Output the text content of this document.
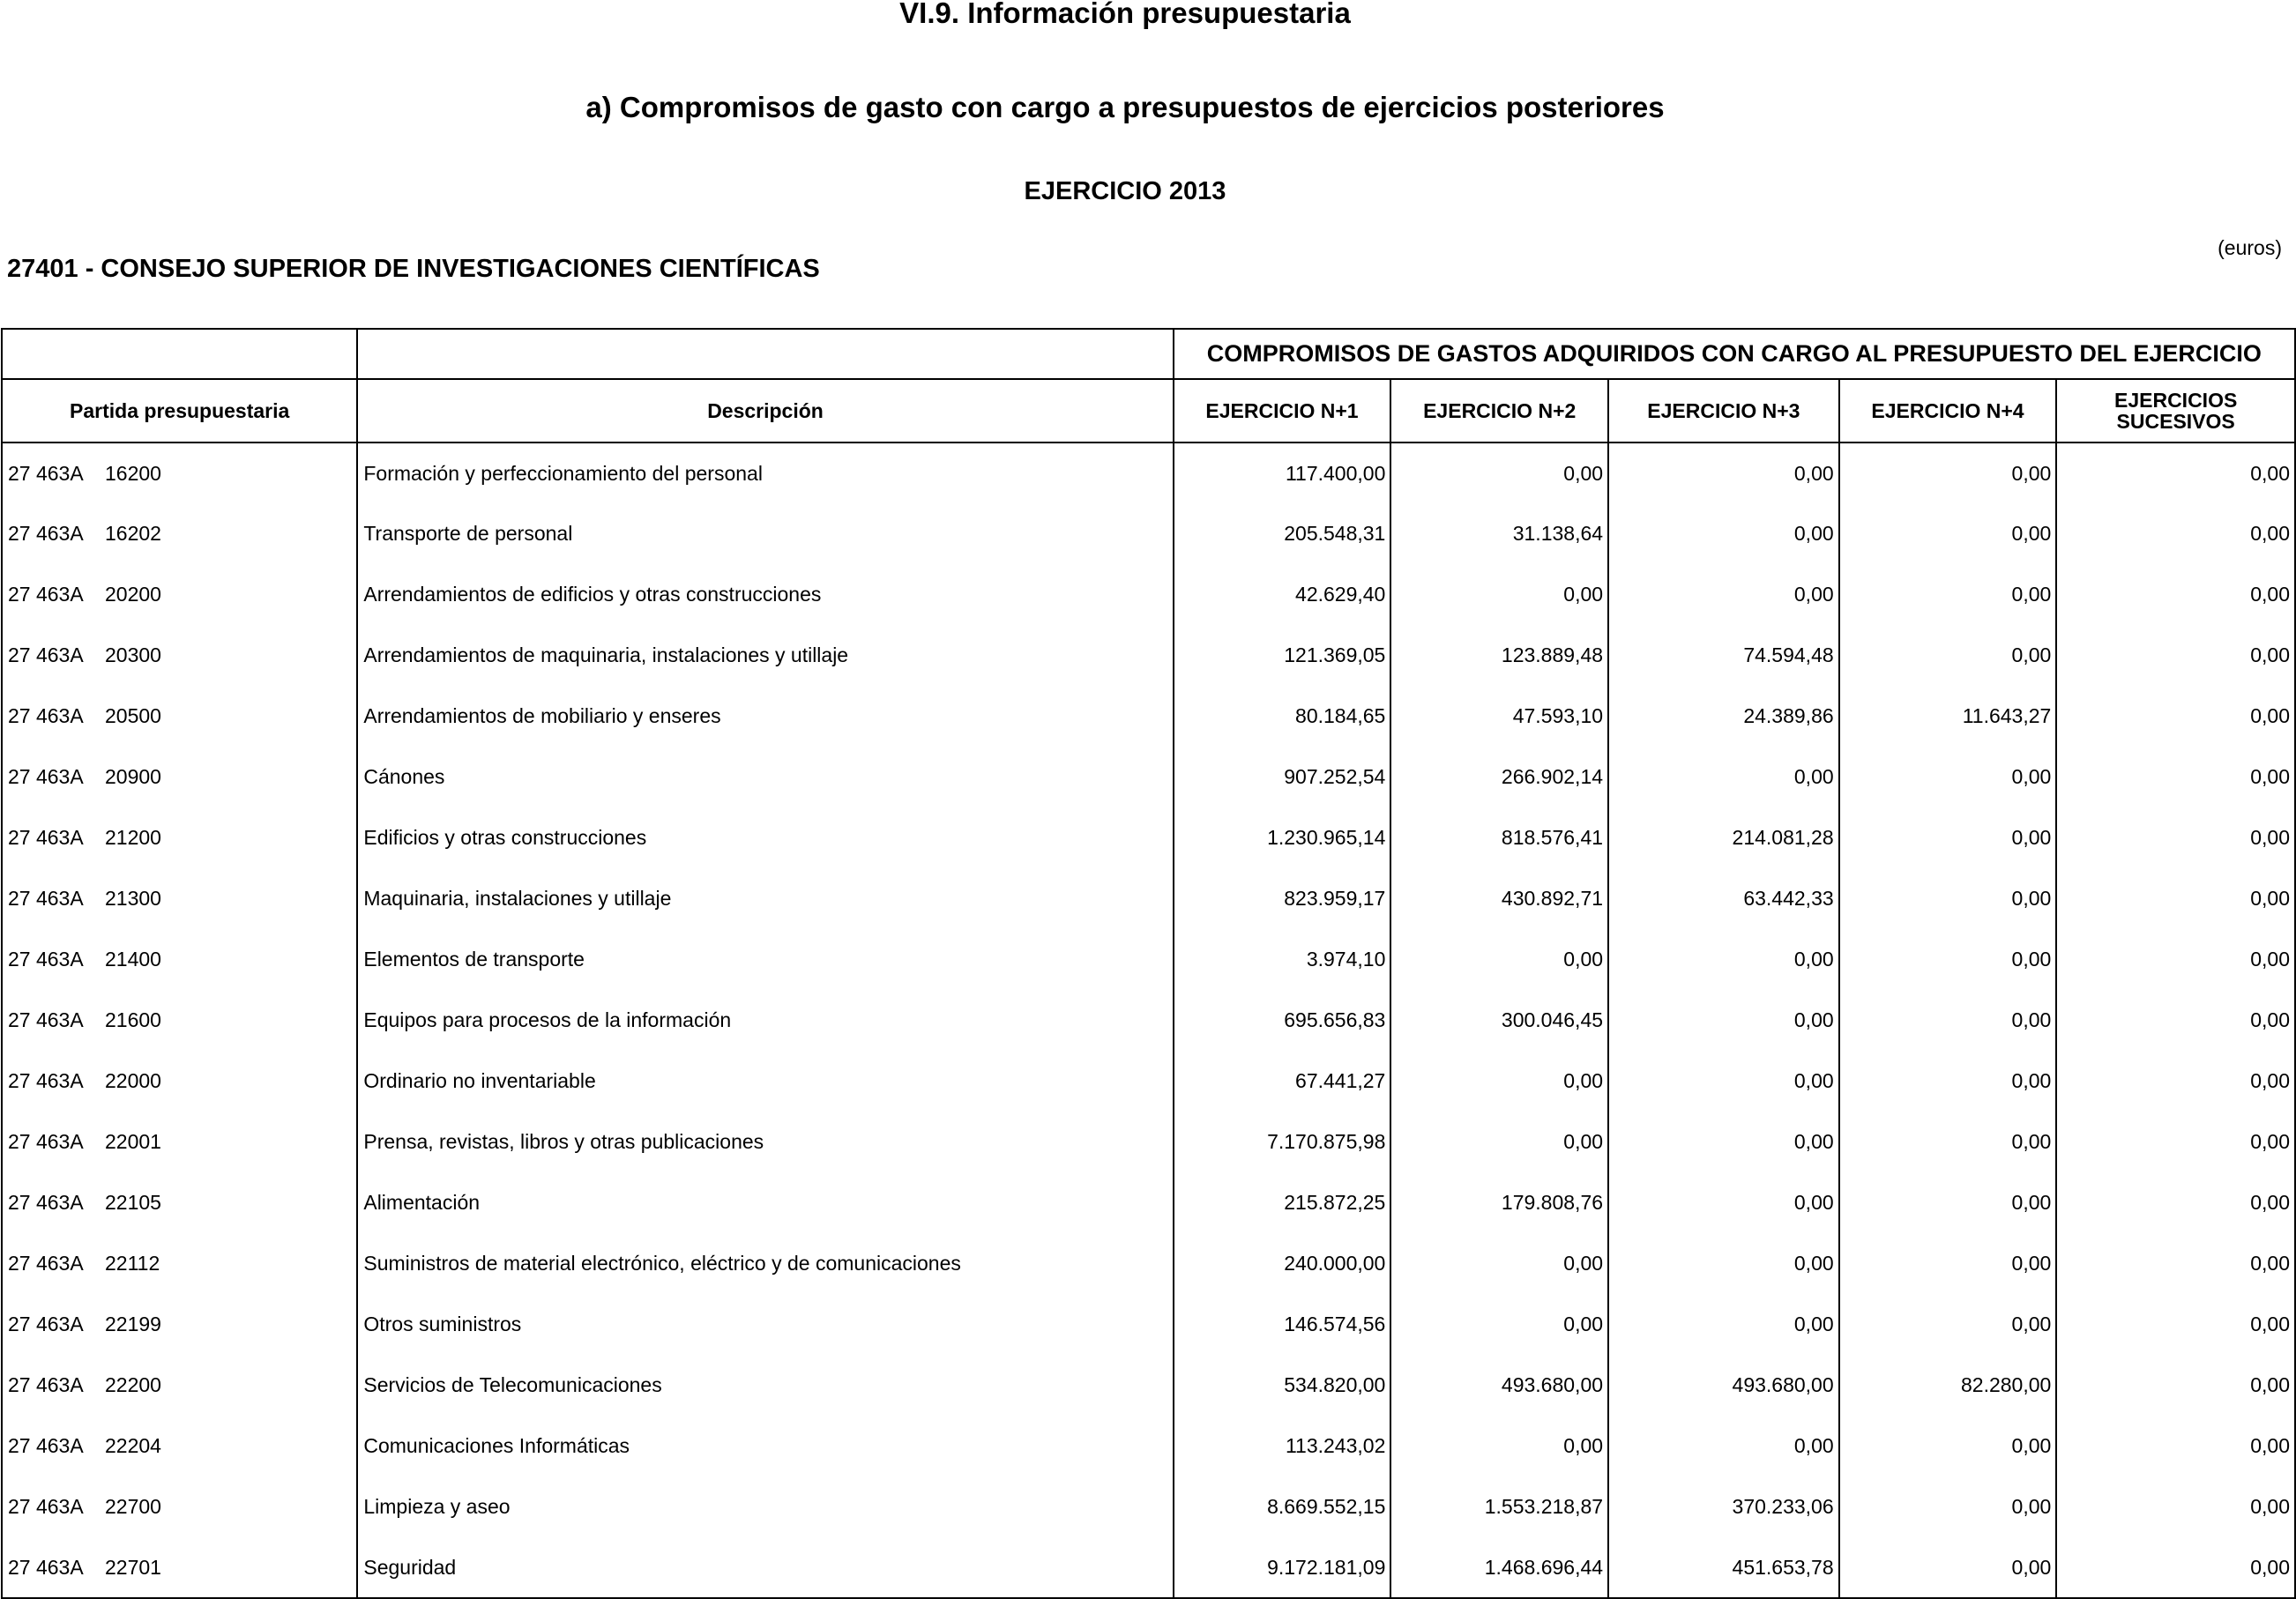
VI.9. Información presupuestaria
a) Compromisos de gasto con cargo a presupuestos de ejercicios posteriores
EJERCICIO 2013
(euros)
27401 - CONSEJO SUPERIOR DE INVESTIGACIONES CIENTÍFICAS
		COMPROMISOS DE GASTOS ADQUIRIDOS CON CARGO AL PRESUPUESTO DEL EJERCICIO				
Partida presupuestaria	Descripción	EJERCICIO N+1	EJERCICIO N+2	EJERCICIO N+3	EJERCICIO N+4	EJERCICIOS
SUCESIVOS
27 463A    16200	Formación y perfeccionamiento del personal	117.400,00	0,00	0,00	0,00	0,00
27 463A    16202	Transporte de personal	205.548,31	31.138,64	0,00	0,00	0,00
27 463A    20200	Arrendamientos de edificios y otras construcciones	42.629,40	0,00	0,00	0,00	0,00
27 463A    20300	Arrendamientos de maquinaria, instalaciones y utillaje	121.369,05	123.889,48	74.594,48	0,00	0,00
27 463A    20500	Arrendamientos de mobiliario y enseres	80.184,65	47.593,10	24.389,86	11.643,27	0,00
27 463A    20900	Cánones	907.252,54	266.902,14	0,00	0,00	0,00
27 463A    21200	Edificios y otras construcciones	1.230.965,14	818.576,41	214.081,28	0,00	0,00
27 463A    21300	Maquinaria, instalaciones y utillaje	823.959,17	430.892,71	63.442,33	0,00	0,00
27 463A    21400	Elementos de transporte	3.974,10	0,00	0,00	0,00	0,00
27 463A    21600	Equipos para procesos de la información	695.656,83	300.046,45	0,00	0,00	0,00
27 463A    22000	Ordinario no inventariable	67.441,27	0,00	0,00	0,00	0,00
27 463A    22001	Prensa, revistas, libros y otras publicaciones	7.170.875,98	0,00	0,00	0,00	0,00
27 463A    22105	Alimentación	215.872,25	179.808,76	0,00	0,00	0,00
27 463A    22112	Suministros de material electrónico, eléctrico y de comunicaciones	240.000,00	0,00	0,00	0,00	0,00
27 463A    22199	Otros suministros	146.574,56	0,00	0,00	0,00	0,00
27 463A    22200	Servicios de Telecomunicaciones	534.820,00	493.680,00	493.680,00	82.280,00	0,00
27 463A    22204	Comunicaciones Informáticas	113.243,02	0,00	0,00	0,00	0,00
27 463A    22700	Limpieza y aseo	8.669.552,15	1.553.218,87	370.233,06	0,00	0,00
27 463A    22701	Seguridad	9.172.181,09	1.468.696,44	451.653,78	0,00	0,00
